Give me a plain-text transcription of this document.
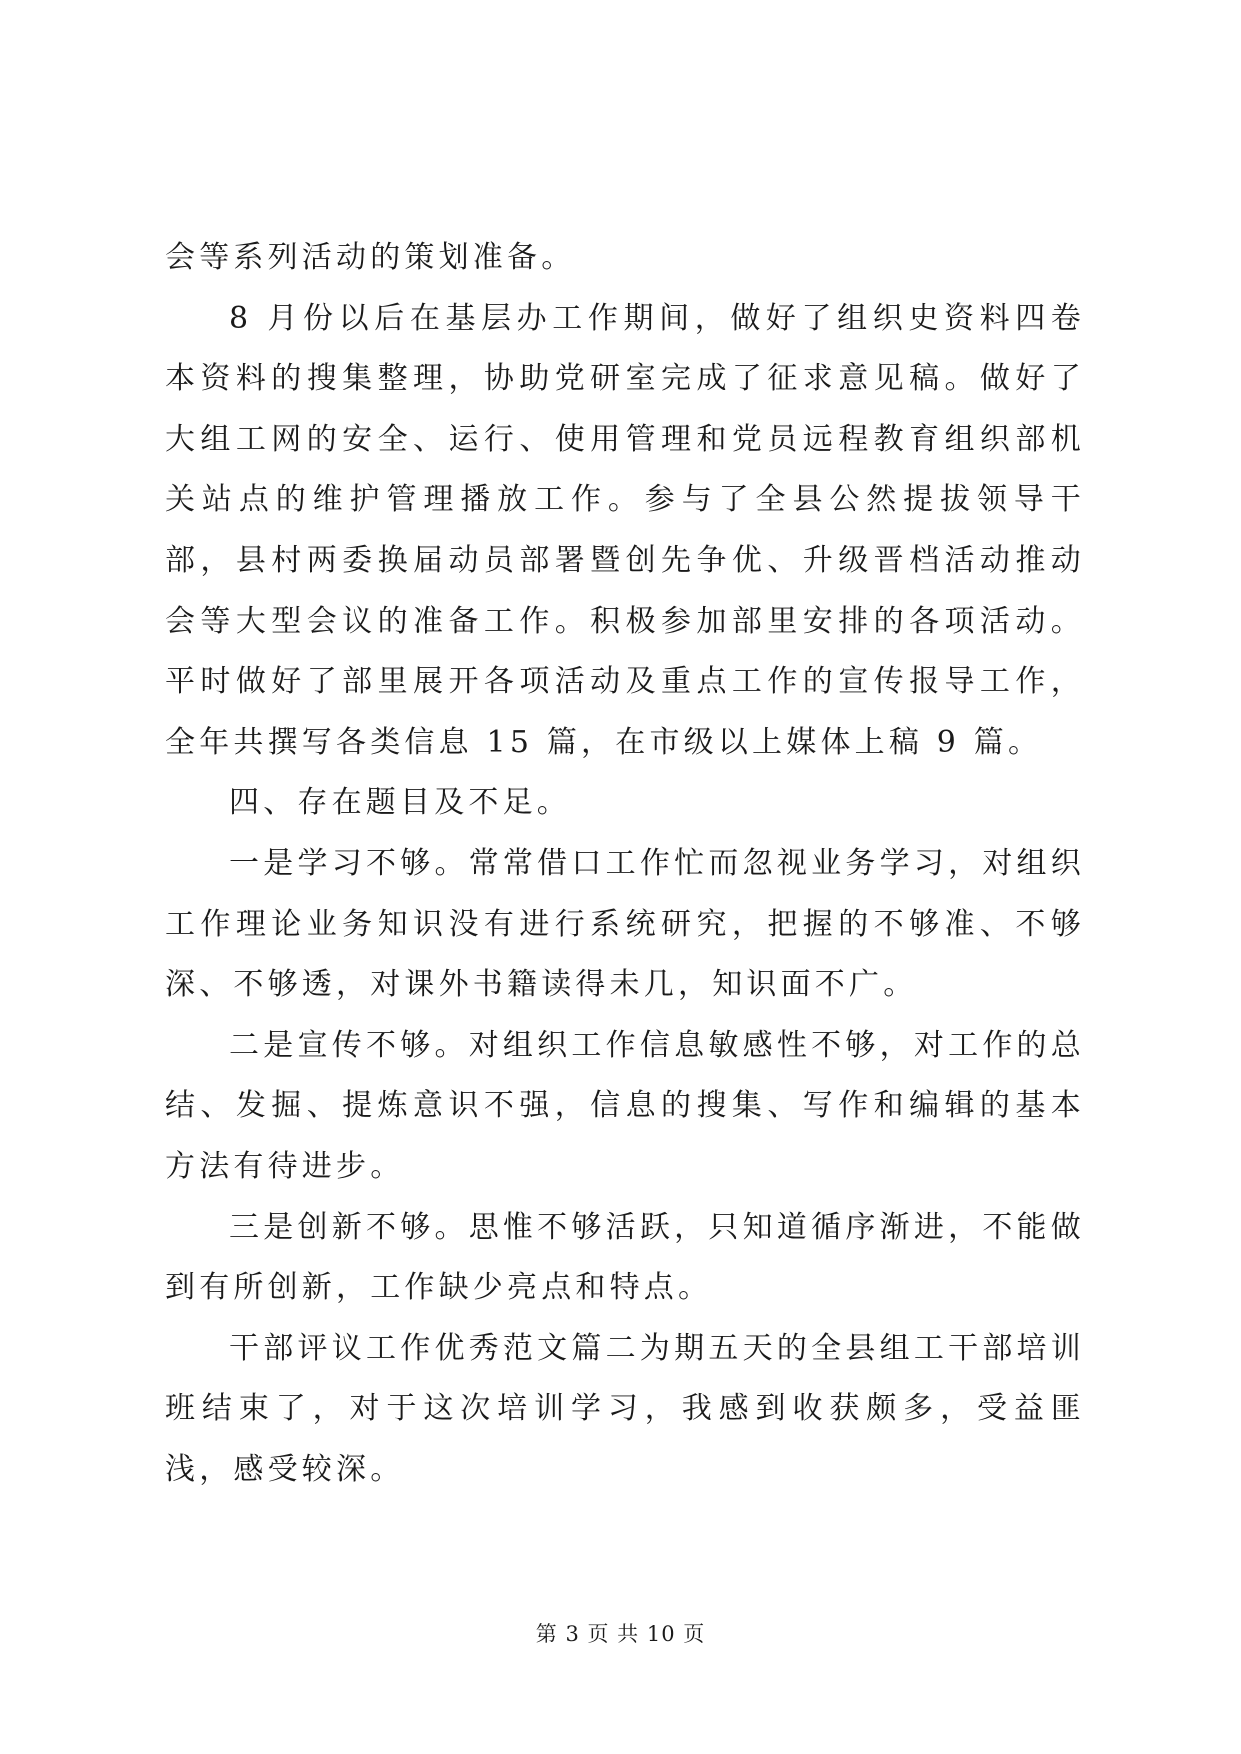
会等系列活动的策划准备。

8 月份以后在基层办工作期间，做好了组织史资料四卷本资料的搜集整理，协助党研室完成了征求意见稿。做好了大组工网的安全、运行、使用管理和党员远程教育组织部机关站点的维护管理播放工作。参与了全县公然提拔领导干部，县村两委换届动员部署暨创先争优、升级晋档活动推动会等大型会议的准备工作。积极参加部里安排的各项活动。平时做好了部里展开各项活动及重点工作的宣传报导工作，全年共撰写各类信息 15 篇，在市级以上媒体上稿 9 篇。

四、存在题目及不足。

一是学习不够。常常借口工作忙而忽视业务学习，对组织工作理论业务知识没有进行系统研究，把握的不够准、不够深、不够透，对课外书籍读得未几，知识面不广。

二是宣传不够。对组织工作信息敏感性不够，对工作的总结、发掘、提炼意识不强，信息的搜集、写作和编辑的基本方法有待进步。

三是创新不够。思惟不够活跃，只知道循序渐进，不能做到有所创新，工作缺少亮点和特点。

干部评议工作优秀范文篇二为期五天的全县组工干部培训班结束了，对于这次培训学习，我感到收获颇多，受益匪浅，感受较深。

第 3 页 共 10 页
